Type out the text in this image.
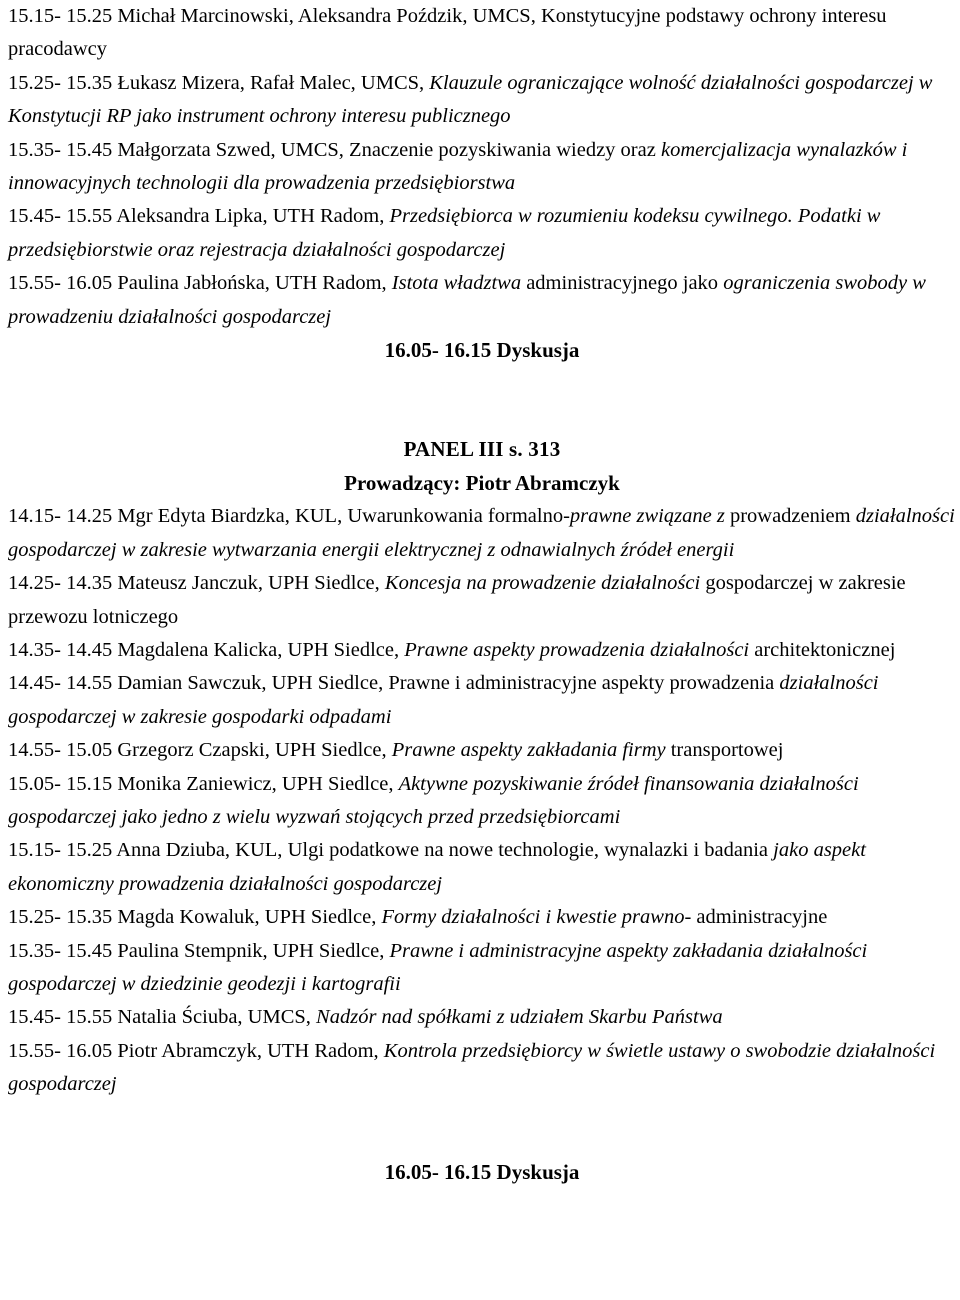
15.15- 15.25 Michał Marcinowski, Aleksandra Poździk, UMCS, Konstytucyjne podstawy ochrony interesu pracodawcy

15.25- 15.35 Łukasz Mizera, Rafał Malec, UMCS, Klauzule ograniczające wolność działalności gospodarczej w Konstytucji RP jako instrument ochrony interesu publicznego

15.35- 15.45 Małgorzata Szwed, UMCS, Znaczenie pozyskiwania wiedzy oraz komercjalizacja wynalazków i innowacyjnych technologii dla prowadzenia przedsiębiorstwa

15.45- 15.55 Aleksandra Lipka, UTH Radom, Przedsiębiorca w rozumieniu kodeksu cywilnego. Podatki w przedsiębiorstwie oraz rejestracja działalności gospodarczej

15.55- 16.05 Paulina Jabłońska, UTH Radom, Istota władztwa administracyjnego jako ograniczenia swobody w prowadzeniu działalności gospodarczej

16.05- 16.15 Dyskusja

PANEL III s. 313

Prowadzący: Piotr Abramczyk

14.15- 14.25 Mgr Edyta Biardzka, KUL, Uwarunkowania formalno-prawne związane z prowadzeniem działalności gospodarczej w zakresie wytwarzania energii elektrycznej z odnawialnych źródeł energii

14.25- 14.35 Mateusz Janczuk, UPH Siedlce, Koncesja na prowadzenie działalności gospodarczej w zakresie przewozu lotniczego

14.35- 14.45 Magdalena Kalicka, UPH Siedlce, Prawne aspekty prowadzenia działalności architektonicznej

14.45- 14.55 Damian Sawczuk, UPH Siedlce, Prawne i administracyjne aspekty prowadzenia działalności gospodarczej w zakresie gospodarki odpadami

14.55- 15.05 Grzegorz Czapski, UPH Siedlce, Prawne aspekty zakładania firmy transportowej

15.05- 15.15 Monika Zaniewicz, UPH Siedlce, Aktywne pozyskiwanie źródeł finansowania działalności gospodarczej jako jedno z wielu wyzwań stojących przed przedsiębiorcami

15.15- 15.25 Anna Dziuba, KUL, Ulgi podatkowe na nowe technologie, wynalazki i badania jako aspekt ekonomiczny prowadzenia działalności gospodarczej

15.25- 15.35 Magda Kowaluk, UPH Siedlce, Formy działalności i kwestie prawno- administracyjne

15.35- 15.45 Paulina Stempnik, UPH Siedlce, Prawne i administracyjne aspekty zakładania działalności gospodarczej w dziedzinie geodezji i kartografii

15.45- 15.55 Natalia Ściuba, UMCS, Nadzór nad spółkami z udziałem Skarbu Państwa

15.55- 16.05 Piotr Abramczyk, UTH Radom, Kontrola przedsiębiorcy w świetle ustawy o swobodzie działalności gospodarczej

16.05- 16.15 Dyskusja
